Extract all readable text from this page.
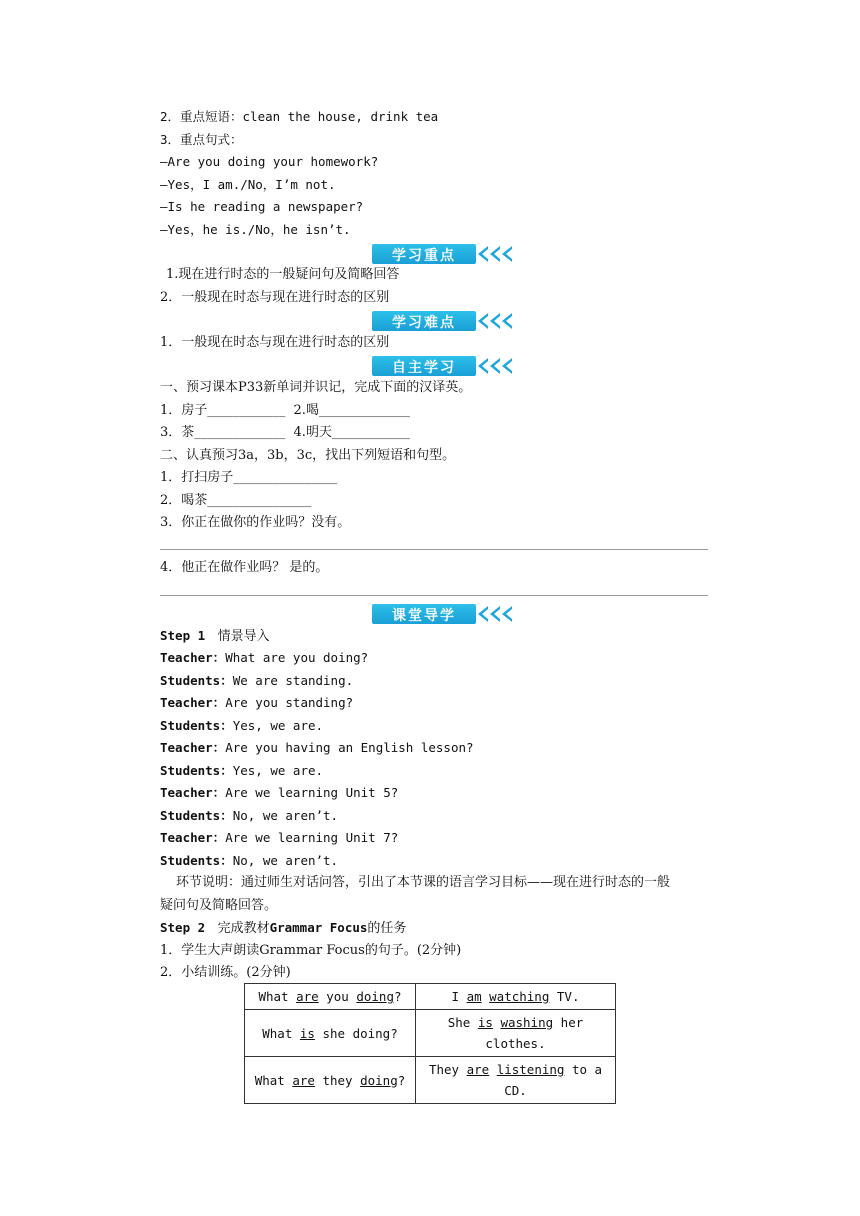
2．重点短语：clean the house, drink tea
3．重点句式：
—Are you doing your homework?
—Yes，I am./No，I’m not.
—Is he reading a newspaper?
—Yes，he is./No，he isn’t.
学习重点
1.现在进行时态的一般疑问句及简略回答
2．一般现在时态与现在进行时态的区别
学习难点
1．一般现在时态与现在进行时态的区别
自主学习
一、预习课本P33新单词并识记，完成下面的汉译英。
1．房子____________  2.喝______________
3．茶______________  4.明天____________
二、认真预习3a，3b，3c，找出下列短语和句型。
1．打扫房子________________
2．喝茶________________
3．你正在做你的作业吗？没有。
4．他正在做作业吗？ 是的。
课堂导学
Step 1 情景导入
Teacher：What are you doing?
Students：We are standing.
Teacher：Are you standing?
Students：Yes, we are.
Teacher：Are you having an English lesson?
Students：Yes, we are.
Teacher：Are we learning Unit 5?
Students：No, we aren’t.
Teacher：Are we learning Unit 7?
Students：No, we aren’t.
环节说明：通过师生对话问答，引出了本节课的语言学习目标——现在进行时态的一般
疑问句及简略回答。
Step 2 完成教材Grammar Focus的任务
1．学生大声朗读Grammar Focus的句子。(2分钟)
2．小结训练。(2分钟)
What are you doing?	I am watching TV.
What is she doing?	She is washing her clothes.
What are they doing?	They are listening to a CD.
